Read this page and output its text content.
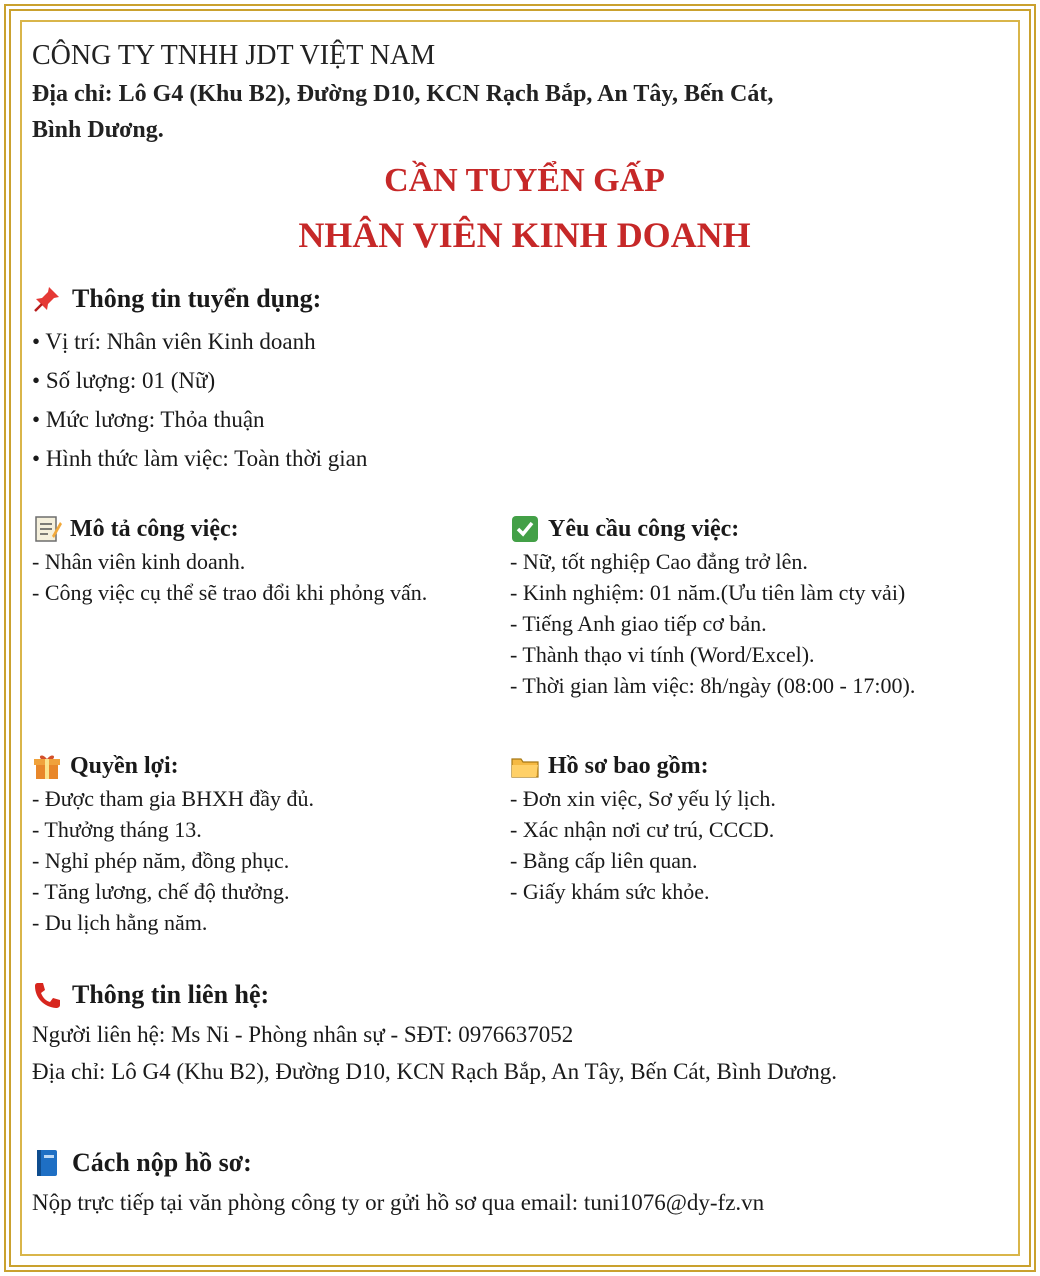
CÔNG TY TNHH JDT VIỆT NAM

Địa chỉ: Lô G4 (Khu B2), Đường D10, KCN Rạch Bắp, An Tây, Bến Cát,

Bình Dương.

CẦN TUYỂN GẤP
NHÂN VIÊN KINH DOANH
Thông tin tuyển dụng:
• Vị trí: Nhân viên Kinh doanh
• Số lượng: 01 (Nữ)
• Mức lương: Thỏa thuận
• Hình thức làm việc: Toàn thời gian
Mô tả công việc:
- Nhân viên kinh doanh.
- Công việc cụ thể sẽ trao đổi khi phỏng vấn.
Yêu cầu công việc:
- Nữ, tốt nghiệp Cao đẳng trở lên.
- Kinh nghiệm: 01 năm.(Ưu tiên làm cty vải)
- Tiếng Anh giao tiếp cơ bản.
- Thành thạo vi tính (Word/Excel).
- Thời gian làm việc: 8h/ngày (08:00 - 17:00).
Quyền lợi:
- Được tham gia BHXH đầy đủ.
- Thưởng tháng 13.
- Nghỉ phép năm, đồng phục.
- Tăng lương, chế độ thưởng.
- Du lịch hằng năm.
Hồ sơ bao gồm:
- Đơn xin việc, Sơ yếu lý lịch.
- Xác nhận nơi cư trú, CCCD.
- Bằng cấp liên quan.
- Giấy khám sức khỏe.
Thông tin liên hệ:
Người liên hệ: Ms Ni - Phòng nhân sự - SĐT: 0976637052
Địa chỉ: Lô G4 (Khu B2), Đường D10, KCN Rạch Bắp, An Tây, Bến Cát, Bình Dương.
Cách nộp hồ sơ:
Nộp trực tiếp tại văn phòng công ty or gửi hồ sơ qua email: tuni1076@dy-fz.vn
